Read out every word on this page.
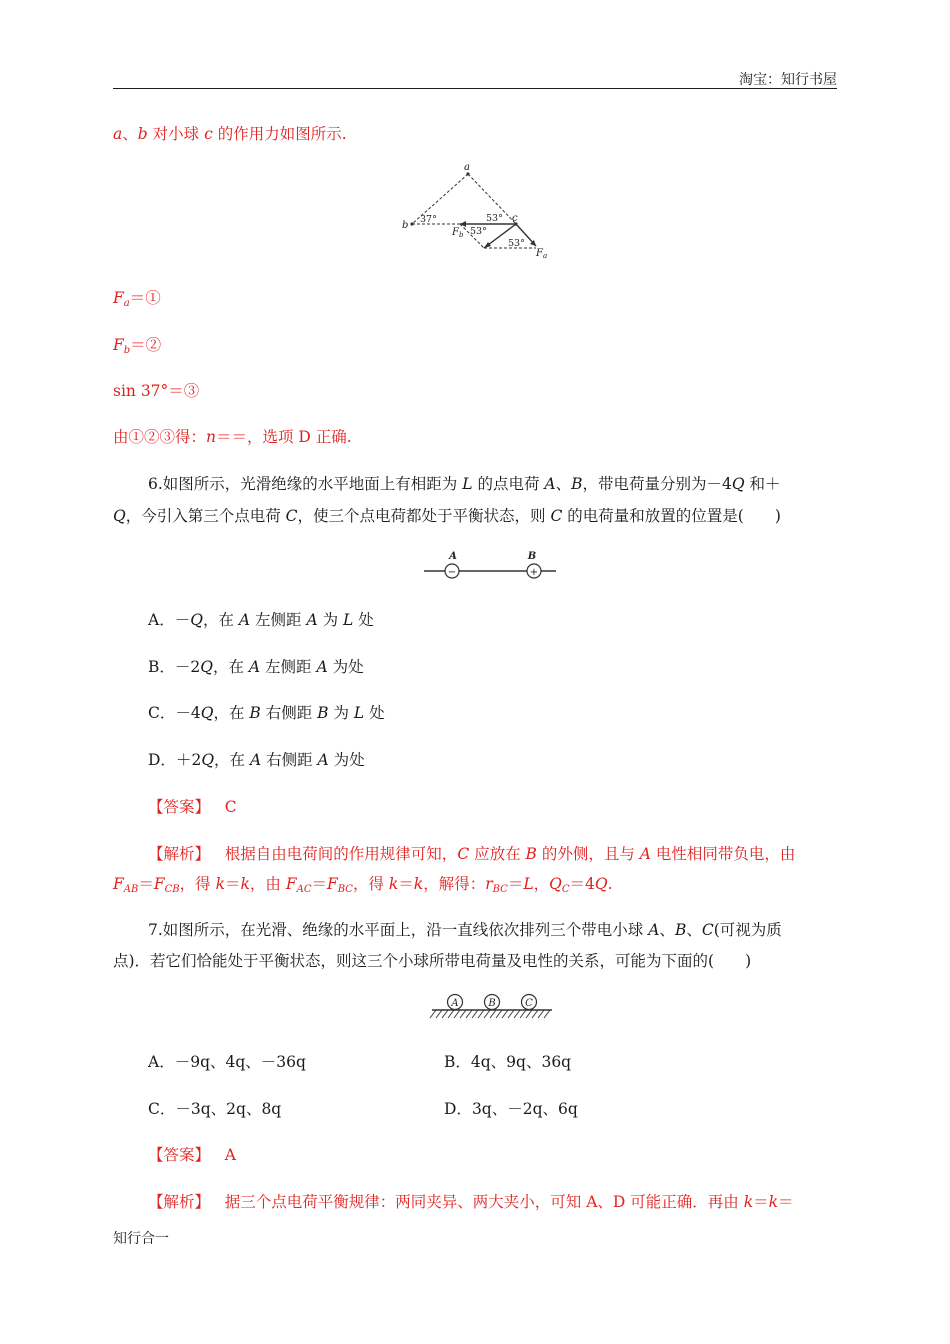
淘宝：知行书屋
a、b 对小球 c 的作用力如图所示.
a
b
c
$F_b$
$F_a$
37°	53°
53°
53°
$F_a=①$
$F_b=②$
sin 37°＝③
由①②③得：n＝＝，选项 D 正确.
6.如图所示，光滑绝缘的水平地面上有相距为 L 的点电荷 A、B，带电荷量分别为－4Q 和＋
Q，今引入第三个点电荷 C，使三个点电荷都处于平衡状态，则 C 的电荷量和放置的位置是(　　)
−	+
A	B
A．－Q，在 A 左侧距 A 为 L 处
B．－2Q，在 A 左侧距 A 为处
C．－4Q，在 B 右侧距 B 为 L 处
D．＋2Q，在 A 右侧距 A 为处
【答案】 C
【解析】 根据自由电荷间的作用规律可知，C 应放在 B 的外侧，且与 A 电性相同带负电，由
$F_{AB}=F_{CB}$，得 k＝k，由 $F_{AC}=F_{BC}$，得 k＝k，解得：$r_{BC}=L$，$Q_C=4Q$.
7.如图所示，在光滑、绝缘的水平面上，沿一直线依次排列三个带电小球 A、B、C(可视为质
点)．若它们恰能处于平衡状态，则这三个小球所带电荷量及电性的关系，可能为下面的(　　)
A	B	C
A．－9q、4q、－36q	B．4q、9q、36q
C．－3q、2q、8q	D．3q、－2q、6q
【答案】 A
【解析】 据三个点电荷平衡规律：两同夹异、两大夹小，可知 A、D 可能正确．再由 k＝k＝
知行合一
